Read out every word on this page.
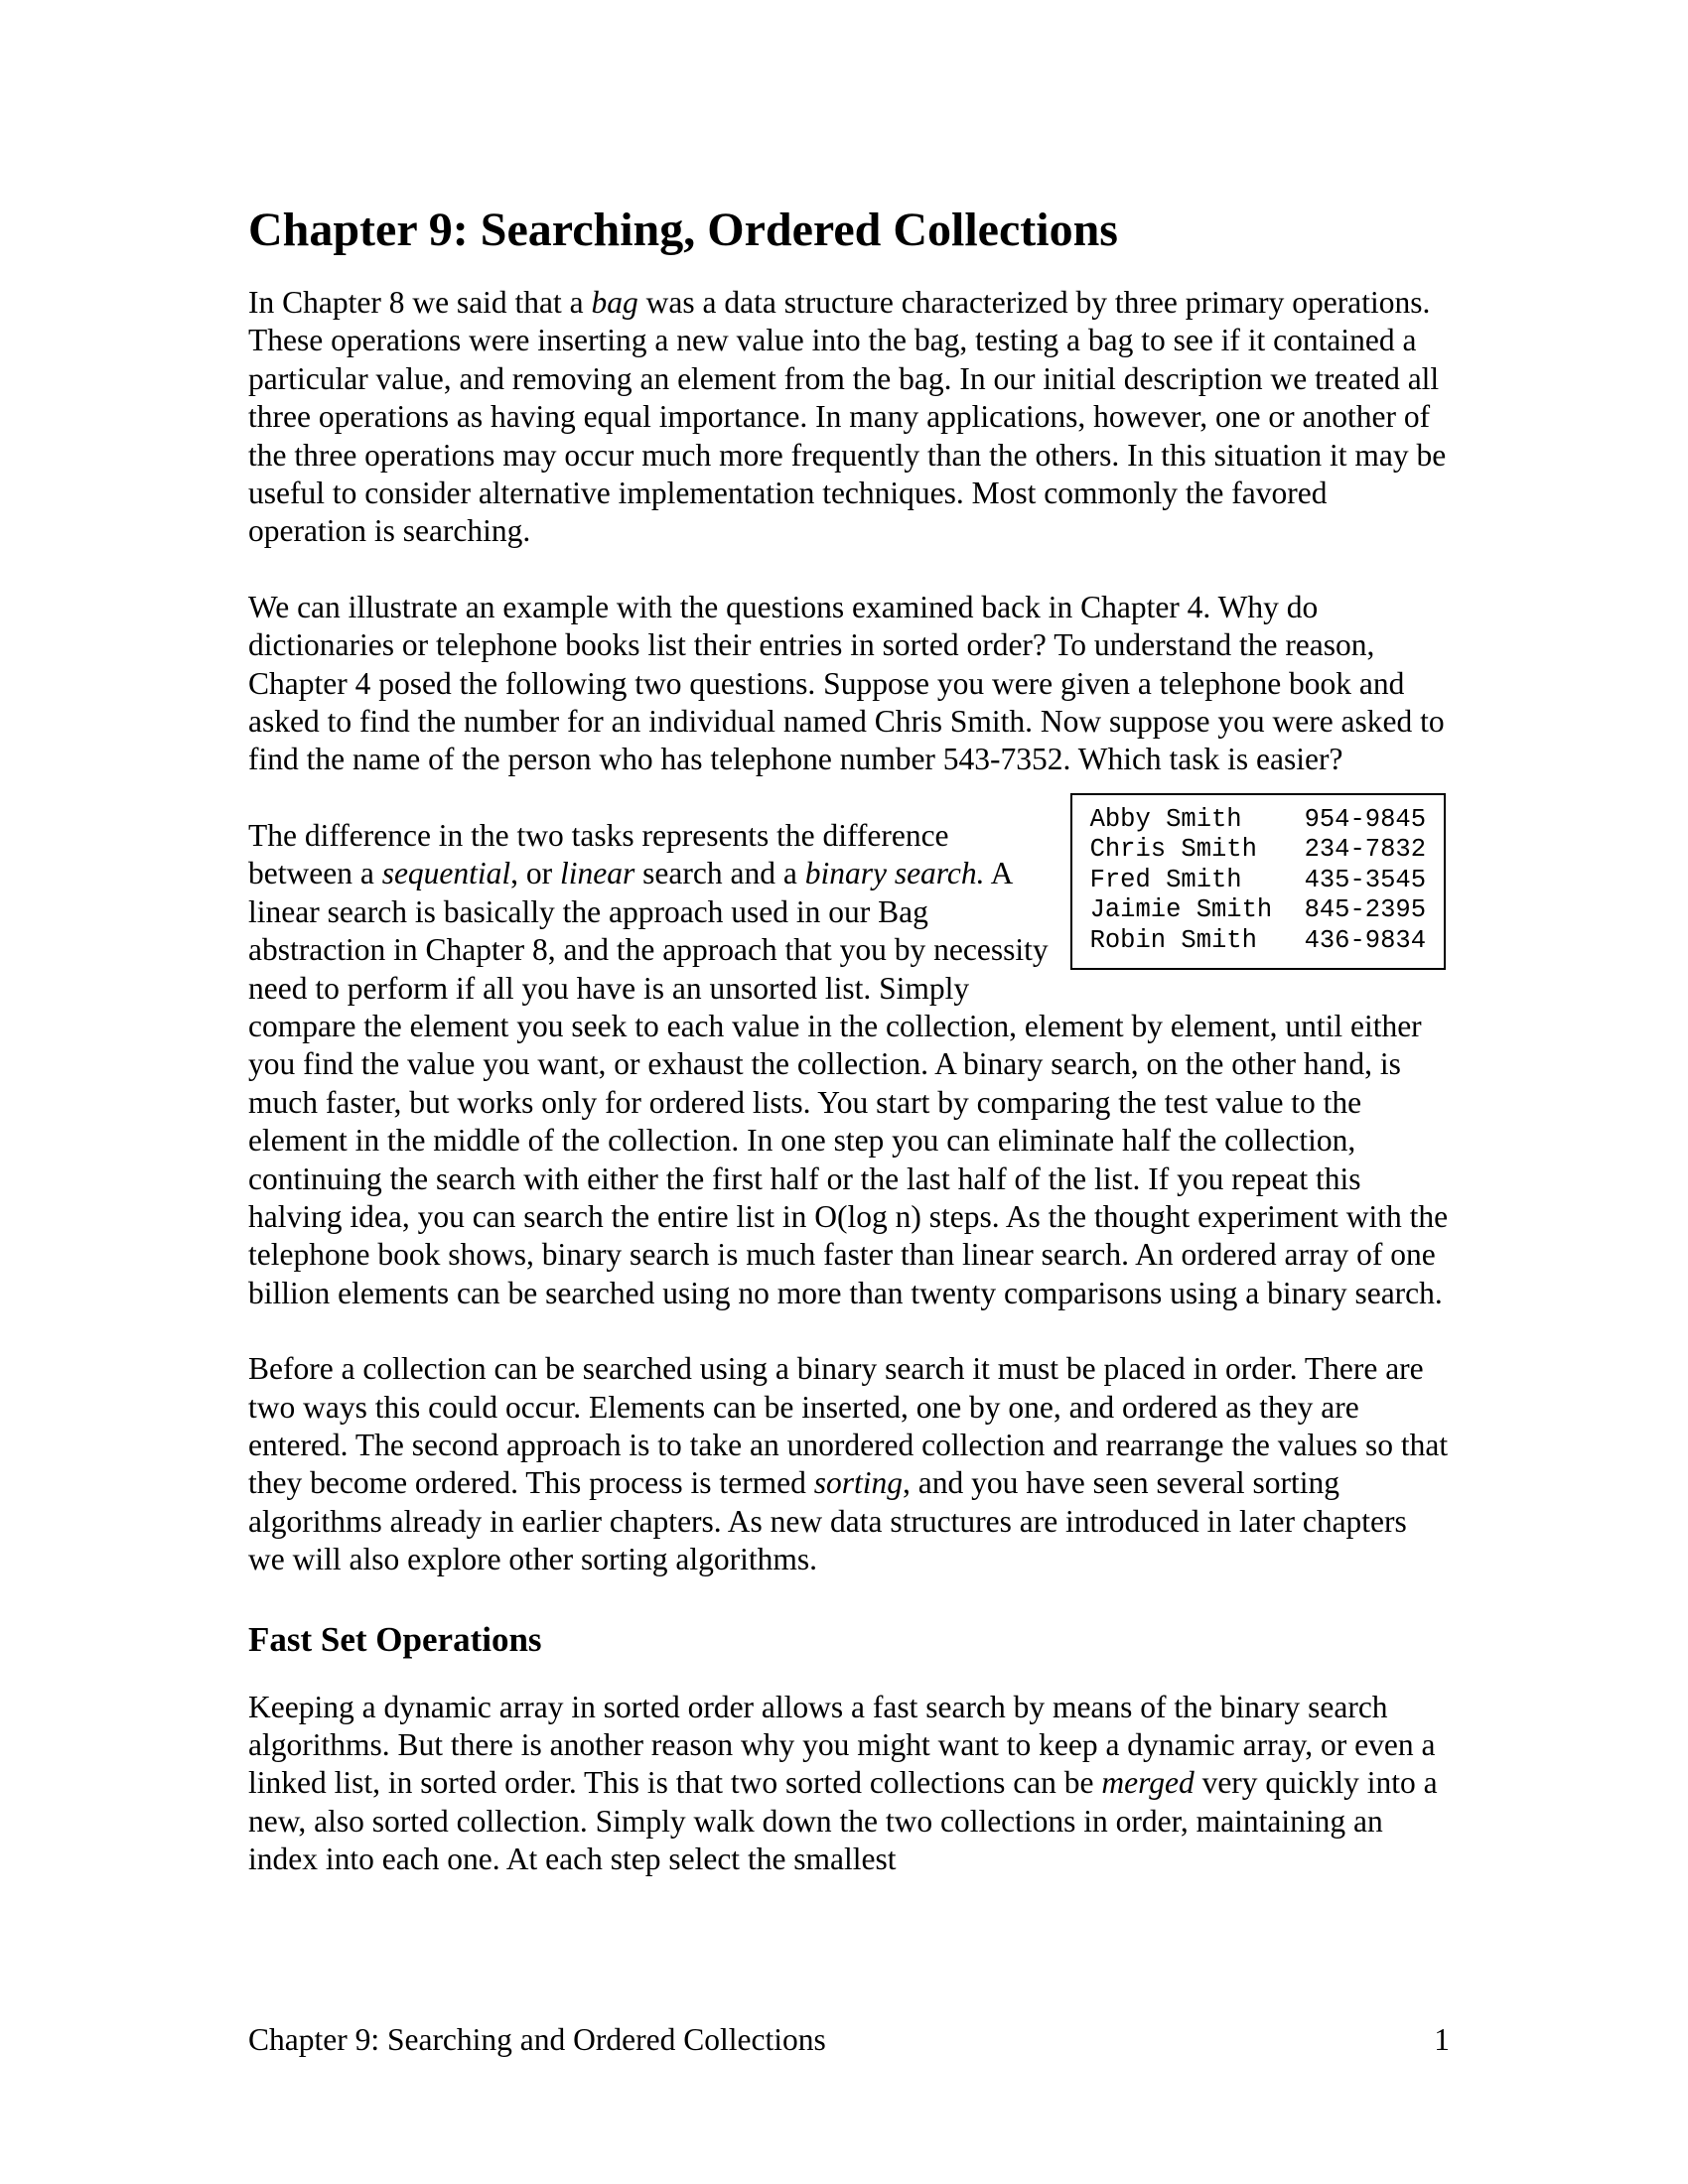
Chapter 9: Searching, Ordered Collections

In Chapter 8 we said that a bag was a data structure characterized by three primary operations. These operations were inserting a new value into the bag, testing a bag to see if it contained a particular value, and removing an element from the bag. In our initial description we treated all three operations as having equal importance. In many applications, however, one or another of the three operations may occur much more frequently than the others. In this situation it may be useful to consider alternative implementation techniques. Most commonly the favored operation is searching.

We can illustrate an example with the questions examined back in Chapter 4. Why do dictionaries or telephone books list their entries in sorted order? To understand the reason, Chapter 4 posed the following two questions. Suppose you were given a telephone book and asked to find the number for an individual named Chris Smith. Now suppose you were asked to find the name of the person who has telephone number 543-7352. Which task is easier?

Abby Smith 954-9845
Chris Smith 234-7832
Fred Smith 435-3545
Jaimie Smith 845-2395
Robin Smith 436-9834

The difference in the two tasks represents the difference between a sequential, or linear search and a binary search. A linear search is basically the approach used in our Bag abstraction in Chapter 8, and the approach that you by necessity need to perform if all you have is an unsorted list. Simply compare the element you seek to each value in the collection, element by element, until either you find the value you want, or exhaust the collection. A binary search, on the other hand, is much faster, but works only for ordered lists. You start by comparing the test value to the element in the middle of the collection. In one step you can eliminate half the collection, continuing the search with either the first half or the last half of the list. If you repeat this halving idea, you can search the entire list in O(log n) steps. As the thought experiment with the telephone book shows, binary search is much faster than linear search. An ordered array of one billion elements can be searched using no more than twenty comparisons using a binary search.

Before a collection can be searched using a binary search it must be placed in order. There are two ways this could occur. Elements can be inserted, one by one, and ordered as they are entered. The second approach is to take an unordered collection and rearrange the values so that they become ordered. This process is termed sorting, and you have seen several sorting algorithms already in earlier chapters. As new data structures are introduced in later chapters we will also explore other sorting algorithms.

Fast Set Operations

Keeping a dynamic array in sorted order allows a fast search by means of the binary search algorithms. But there is another reason why you might want to keep a dynamic array, or even a linked list, in sorted order. This is that two sorted collections can be merged very quickly into a new, also sorted collection. Simply walk down the two collections in order, maintaining an index into each one. At each step select the smallest

Chapter 9: Searching and Ordered Collections	1
